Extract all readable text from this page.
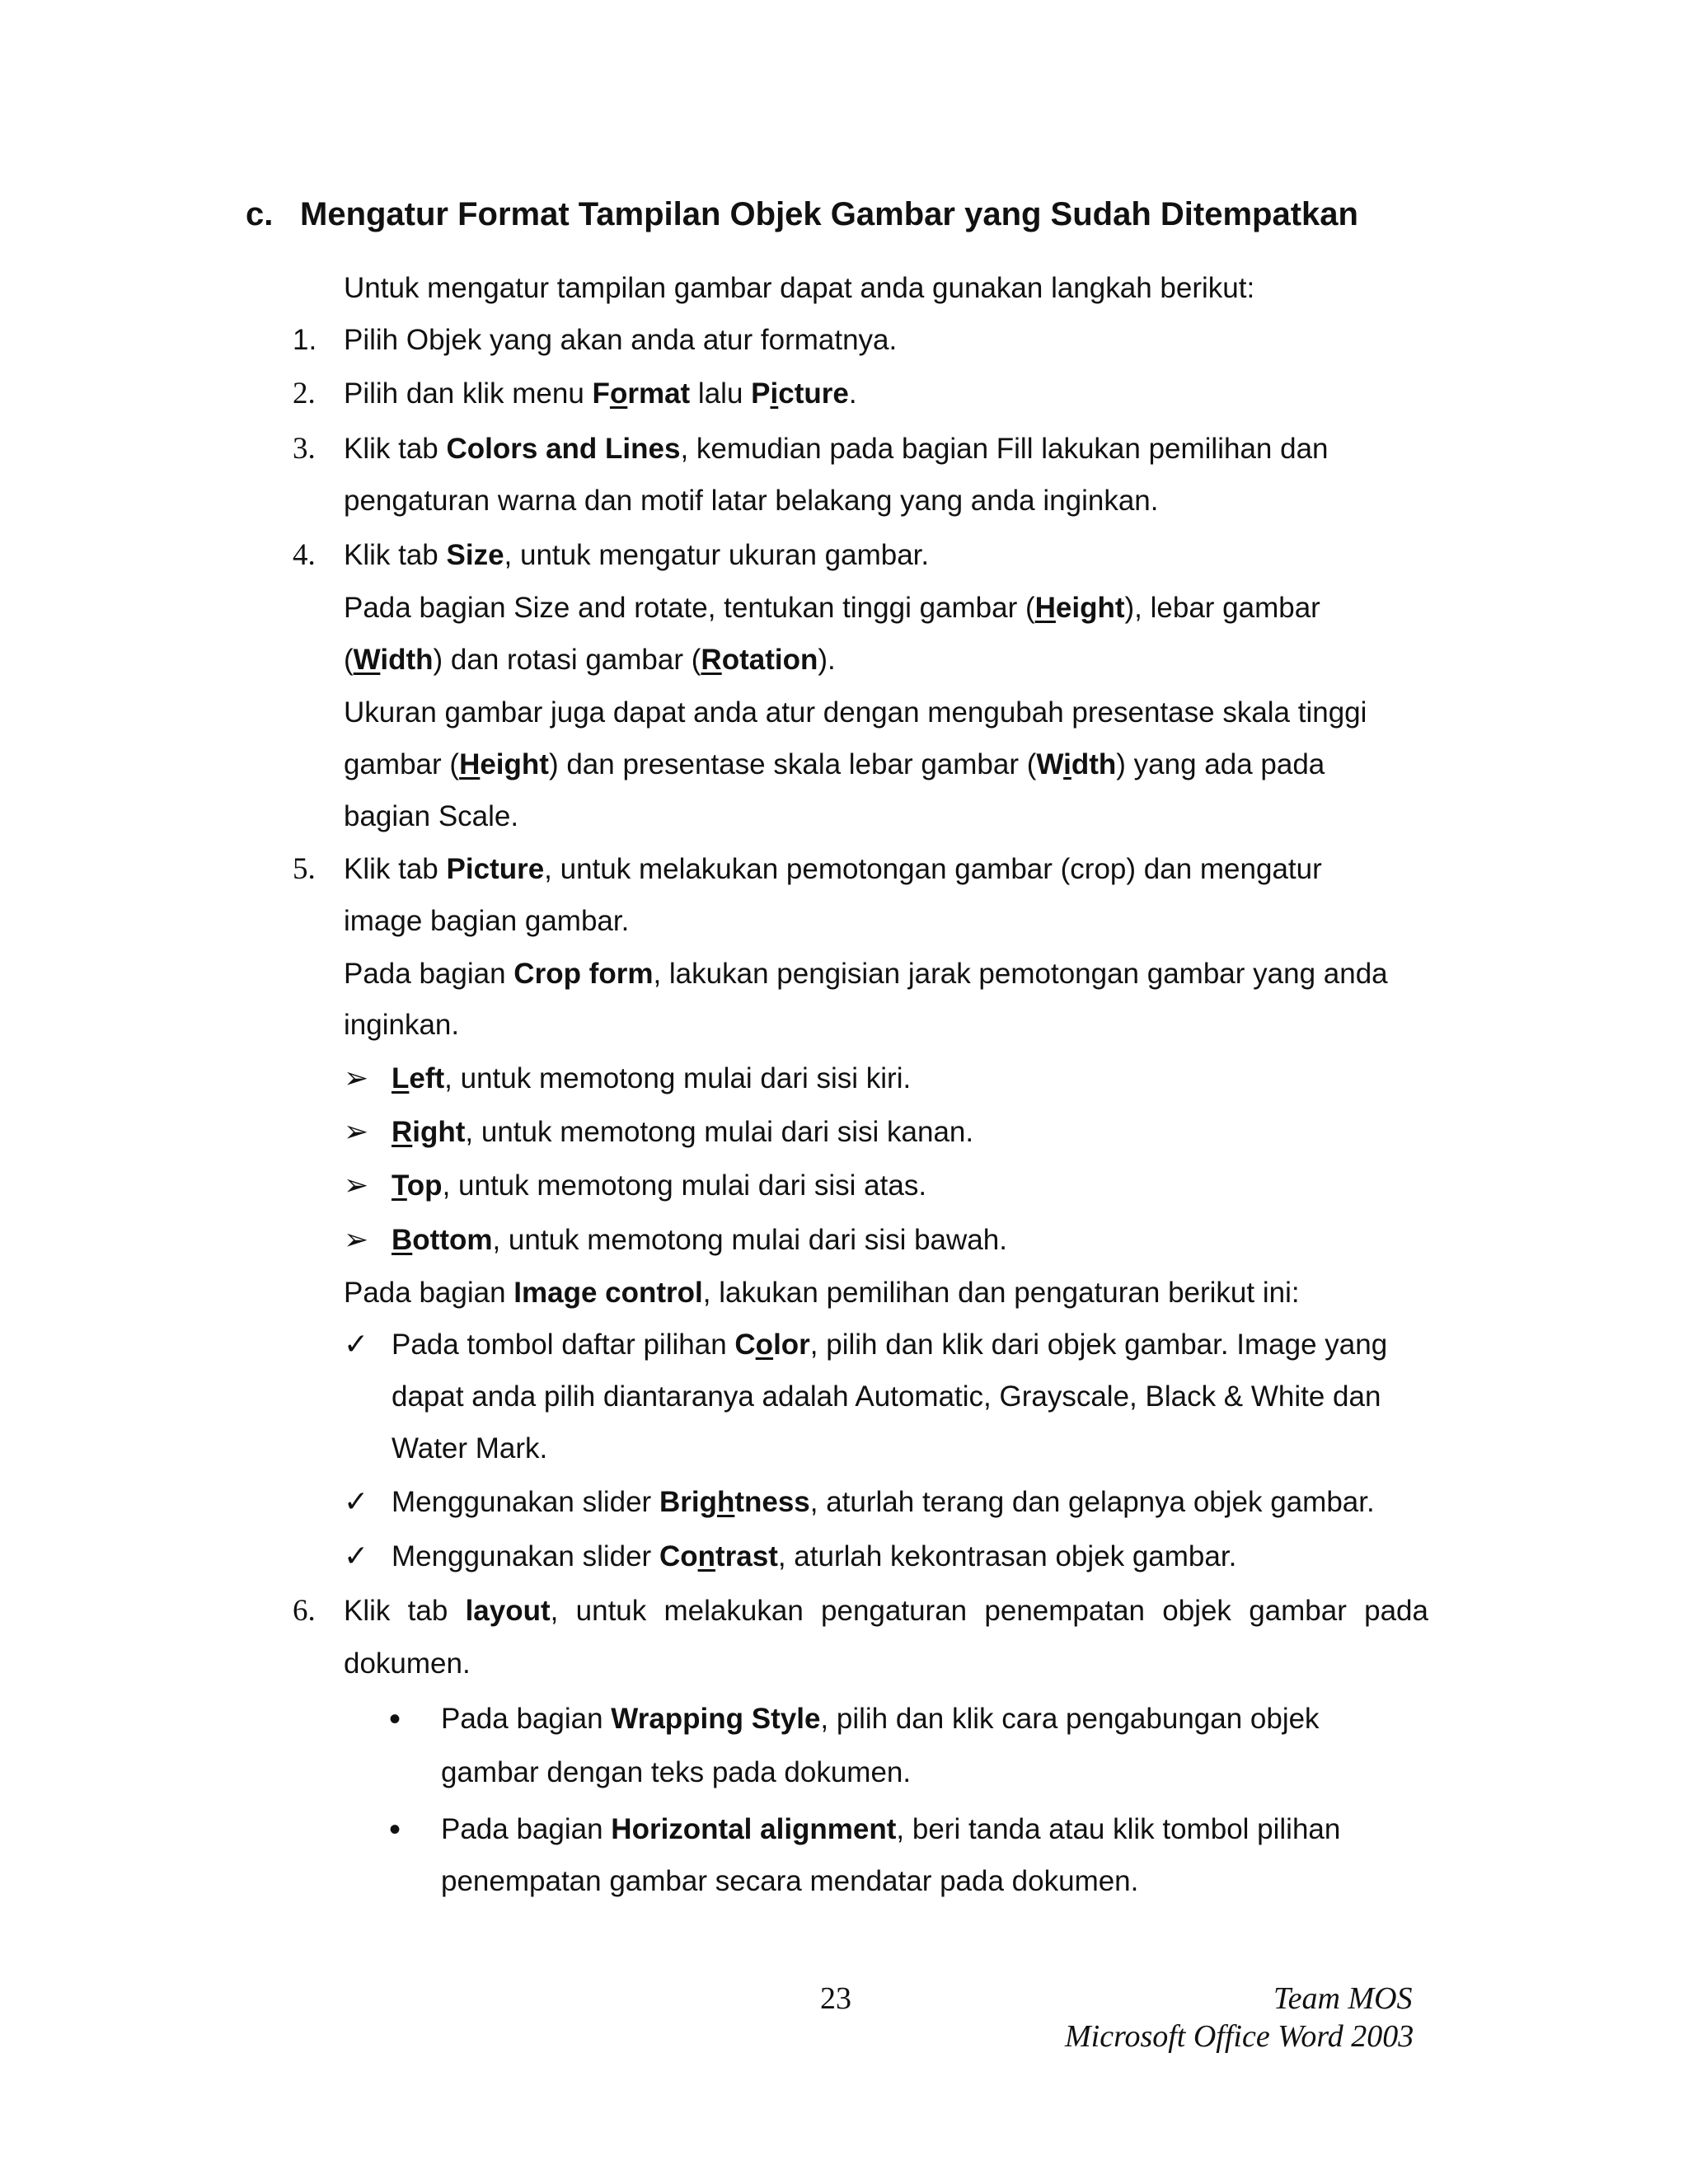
c. Mengatur Format Tampilan Objek Gambar yang Sudah Ditempatkan
Untuk mengatur tampilan gambar dapat anda gunakan langkah berikut:
1. Pilih Objek yang akan anda atur formatnya.
2. Pilih dan klik menu Format lalu Picture.
3. Klik tab Colors and Lines, kemudian pada bagian Fill lakukan pemilihan dan
pengaturan warna dan motif latar belakang yang anda inginkan.
4. Klik tab Size, untuk mengatur ukuran gambar.
Pada bagian Size and rotate, tentukan tinggi gambar (Height), lebar gambar
(Width) dan rotasi gambar (Rotation).
Ukuran gambar juga dapat anda atur dengan mengubah presentase skala tinggi
gambar (Height) dan presentase skala lebar gambar (Width) yang ada pada
bagian Scale.
5. Klik tab Picture, untuk melakukan pemotongan gambar (crop) dan mengatur
image bagian gambar.
Pada bagian Crop form, lakukan pengisian jarak pemotongan gambar yang anda
inginkan.
➢ Left, untuk memotong mulai dari sisi kiri.
➢ Right, untuk memotong mulai dari sisi kanan.
➢ Top, untuk memotong mulai dari sisi atas.
➢ Bottom, untuk memotong mulai dari sisi bawah.
Pada bagian Image control, lakukan pemilihan dan pengaturan berikut ini:
✓ Pada tombol daftar pilihan Color, pilih dan klik dari objek gambar. Image yang
dapat anda pilih diantaranya adalah Automatic, Grayscale, Black & White dan
Water Mark.
✓ Menggunakan slider Brightness, aturlah terang dan gelapnya objek gambar.
✓ Menggunakan slider Contrast, aturlah kekontrasan objek gambar.
6. Klik tab layout, untuk melakukan pengaturan penempatan objek gambar pada
dokumen.
• Pada bagian Wrapping Style, pilih dan klik cara pengabungan objek
gambar dengan teks pada dokumen.
• Pada bagian Horizontal alignment, beri tanda atau klik tombol pilihan
penempatan gambar secara mendatar pada dokumen.
23	Team MOS
Microsoft Office Word 2003
